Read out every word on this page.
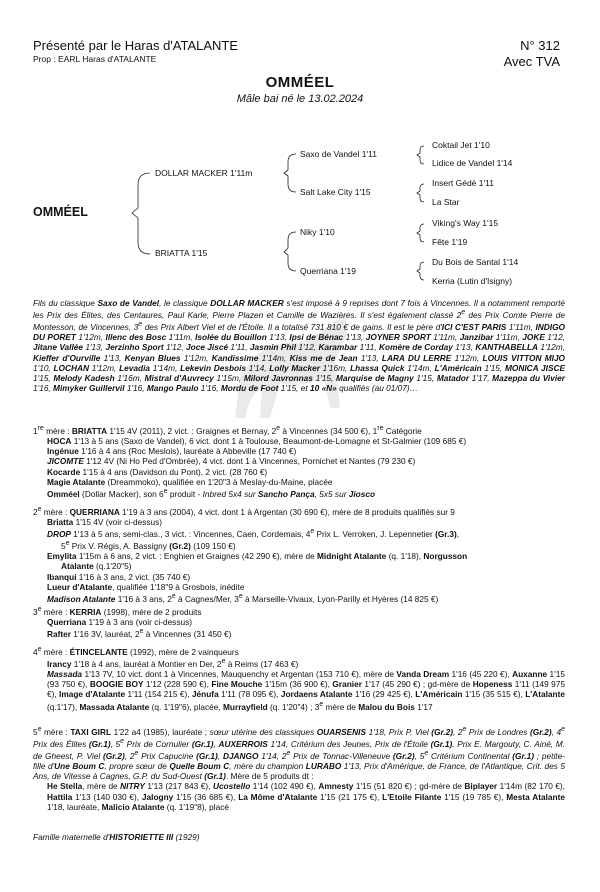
Présenté par le Haras d'ATALANTE
Prop : EARL Haras d'ATALANTE
N° 312
Avec TVA
OMMÉEL
Mâle bai né le 13.02.2024
OMMÉEL
DOLLAR MACKER 1'11m
BRIATTA 1'15
Saxo de Vandel 1'11
Salt Lake City 1'15
Niky 1'10
Querriana 1'19
Coktail Jet 1'10
Lidice de Vandel 1'14
Insert Gédé 1'11
La Star
Viking's Way 1'15
Fête 1'19
Du Bois de Santal 1'14
Kerria (Lutin d'Isigny)

Fils du classique Saxo de Vandel, le classique DOLLAR MACKER s'est imposé à 9 reprises dont 7 fois à Vincennes. Il a notamment remporté les Prix des Élites, des Centaures, Paul Karle, Pierre Plazen et Camille de Wazières. Il s'est également classé 2e des Prix Comte Pierre de Montesson, de Vincennes, 3e des Prix Albert Viel et de l'Étoile. Il a totalisé 731 810 € de gains. Il est le père d'ICI C'EST PARIS 1'11m, INDIGO DU PORET 1'12m, Illenc des Bosc 1'11m, Isolée du Bouillon 1'13, Ipsi de Bénac 1'13, JOYNER SPORT 1'11m, Janzibar 1'11m, JOKE 1'12, Jitane Vallée 1'13, Jerzinho Sport 1'12, Joce Jiscé 1'11, Jasmin Phil 1'12, Karambar 1'11, Komère de Corday 1'13, KANTHABELLA 1'12m, Kieffer d'Ourville 1'13, Kenyan Blues 1'12m, Kandissime 1'14m, Kiss me de Jean 1'13, LARA DU LERRE 1'12m, LOUIS VITTON MIJO 1'10, LOCHAN 1'12m, Levadia 1'14m, Lekevin Desbois 1'14, Lolly Macker 1'16m, Lhassa Quick 1'14m, L'Américain 1'15, MONICA JISCE 1'15, Melody Kadesh 1'16m, Mistral d'Auvrecy 1'15m, Milord Javronnas 1'15, Marquise de Magny 1'15, Matador 1'17, Mazeppa du Vivier 1'16, Mimyker Guillervil 1'16, Mango Paulo 1'16, Mordu de Foot 1'15, et 10 «N» qualifiés (au 01/07)…

1re mère : BRIATTA 1'15 4V (2011), 2 vict. : Graignes et Bernay, 2e à Vincennes (34 500 €), 1re Catégorie

HOCA 1'13 à 5 ans (Saxo de Vandel), 6 vict. dont 1 à Toulouse, Beaumont-de-Lomagne et St-Galmier (109 685 €)

Ingénue 1'16 à 4 ans (Roc Meslois), lauréate à Abbeville (17 740 €)

JICOMTE 1'12 4V (Ni Ho Ped d'Ombrée), 4 vict. dont 1 à Vincennes, Pornichet et Nantes (79 230 €)

Kocarde 1'15 à 4 ans (Davidson du Pont), 2 vict. (28 760 €)

Magie Atalante (Dreammoko), qualifiée en 1'20"3 à Meslay-du-Maine, placée

Omméel (Dollar Macker), son 6e produit - Inbred 5x4 sur Sancho Pança, 5x5 sur Jiosco

2e mère : QUERRIANA 1'19 à 3 ans (2004), 4 vict. dont 1 à Argentan (30 690 €), mère de 8 produits qualifiés sur 9

Briatta 1'15 4V (voir ci-dessus)

DROP 1'13 à 5 ans, semi-clas., 3 vict. : Vincennes, Caen, Cordemais, 4e Prix L. Verroken, J. Lepennetier (Gr.3),

5e Prix V. Régis, A. Bassigny (Gr.2) (109 150 €)

Emylita 1'15m à 6 ans, 2 vict. : Enghien et Graignes (42 290 €), mère de Midnight Atalante (q. 1'18), Norgusson

Atalante (q.1'20"5)

Ibanqui 1'16 à 3 ans, 2 vict. (35 740 €)

Lueur d'Atalante, qualifiée 1'18"9 à Grosbois, inédite

Madison Atalante 1'16 à 3 ans, 2e à Cagnes/Mer, 3e à Marseille-Vivaux, Lyon-Parilly et Hyères (14 825 €)

3e mère : KERRIA (1998), mère de 2 produits

Querriana 1'19 à 3 ans (voir ci-dessus)

Rafter 1'16 3V, lauréat, 2e à Vincennes (31 450 €)

4e mère : ÉTINCELANTE (1992), mère de 2 vainqueurs

Irancy 1'18 à 4 ans, lauréat à Montier en Der, 2e à Reims (17 463 €)

Massada 1'13 7V, 10 vict. dont 1 à Vincennes, Mauquenchy et Argentan (153 710 €), mère de Vanda Dream 1'16 (45 220 €), Auxanne 1'15 (93 750 €), BOOGIE BOY 1'12 (228 590 €), Fine Mouche 1'15m (36 900 €), Granier 1'17 (45 290 €) ; gd-mère de Hopeness 1'11 (149 975 €), Image d'Atalante 1'11 (154 215 €), Jénufa 1'11 (78 095 €), Jordaens Atalante 1'16 (29 425 €), L'Américain 1'15 (35 515 €), L'Atalante (q.1'17), Massada Atalante (q. 1'19"6), placée, Murrayfield (q. 1'20"4) ; 3e mère de Malou du Bois 1'17

5e mère : TAXI GIRL 1'22 a4 (1985), lauréate ; sœur utérine des classiques OUARSENIS 1'18, Prix P. Viel (Gr.2), 2e Prix de Londres (Gr.2), 4e Prix des Élites (Gr.1), 5e Prix de Cornulier (Gr.1), AUXERROIS 1'14, Critérium des Jeunes, Prix de l'Étoile (Gr.1), Prix E. Margouty, C. Ainé, M. de Gheest, P. Viel (Gr.2), 2e Prix Capucine (Gr.1), DJANGO 1'14, 2e Prix de Tonnac-Villeneuve (Gr.2), 5e Critérium Continental (Gr.1) ; petite-fille d'Une Boum C, propre sœur de Quelle Boum C, mère du champion LURABO 1'13, Prix d'Amérique, de France, de l'Atlantique, Crit. des 5 Ans, de Vitesse à Cagnes, G.P. du Sud-Ouest (Gr.1). Mère de 5 produits dt :

He Stella, mère de NITRY 1'13 (217 843 €), Ucostello 1'14 (102 490 €), Amnesty 1'15 (51 820 €) ; gd-mère de Biplayer 1'14m (82 170 €), Hattila 1'13 (140 030 €), Jalogny 1'15 (36 685 €), La Môme d'Atalante 1'15 (21 175 €), L'Etoile Filante 1'15 (19 785 €), Mesta Atalante 1'18, lauréate, Malicio Atalante (q. 1'19"8), placé

Famille maternelle d'HISTORIETTE III (1929)
